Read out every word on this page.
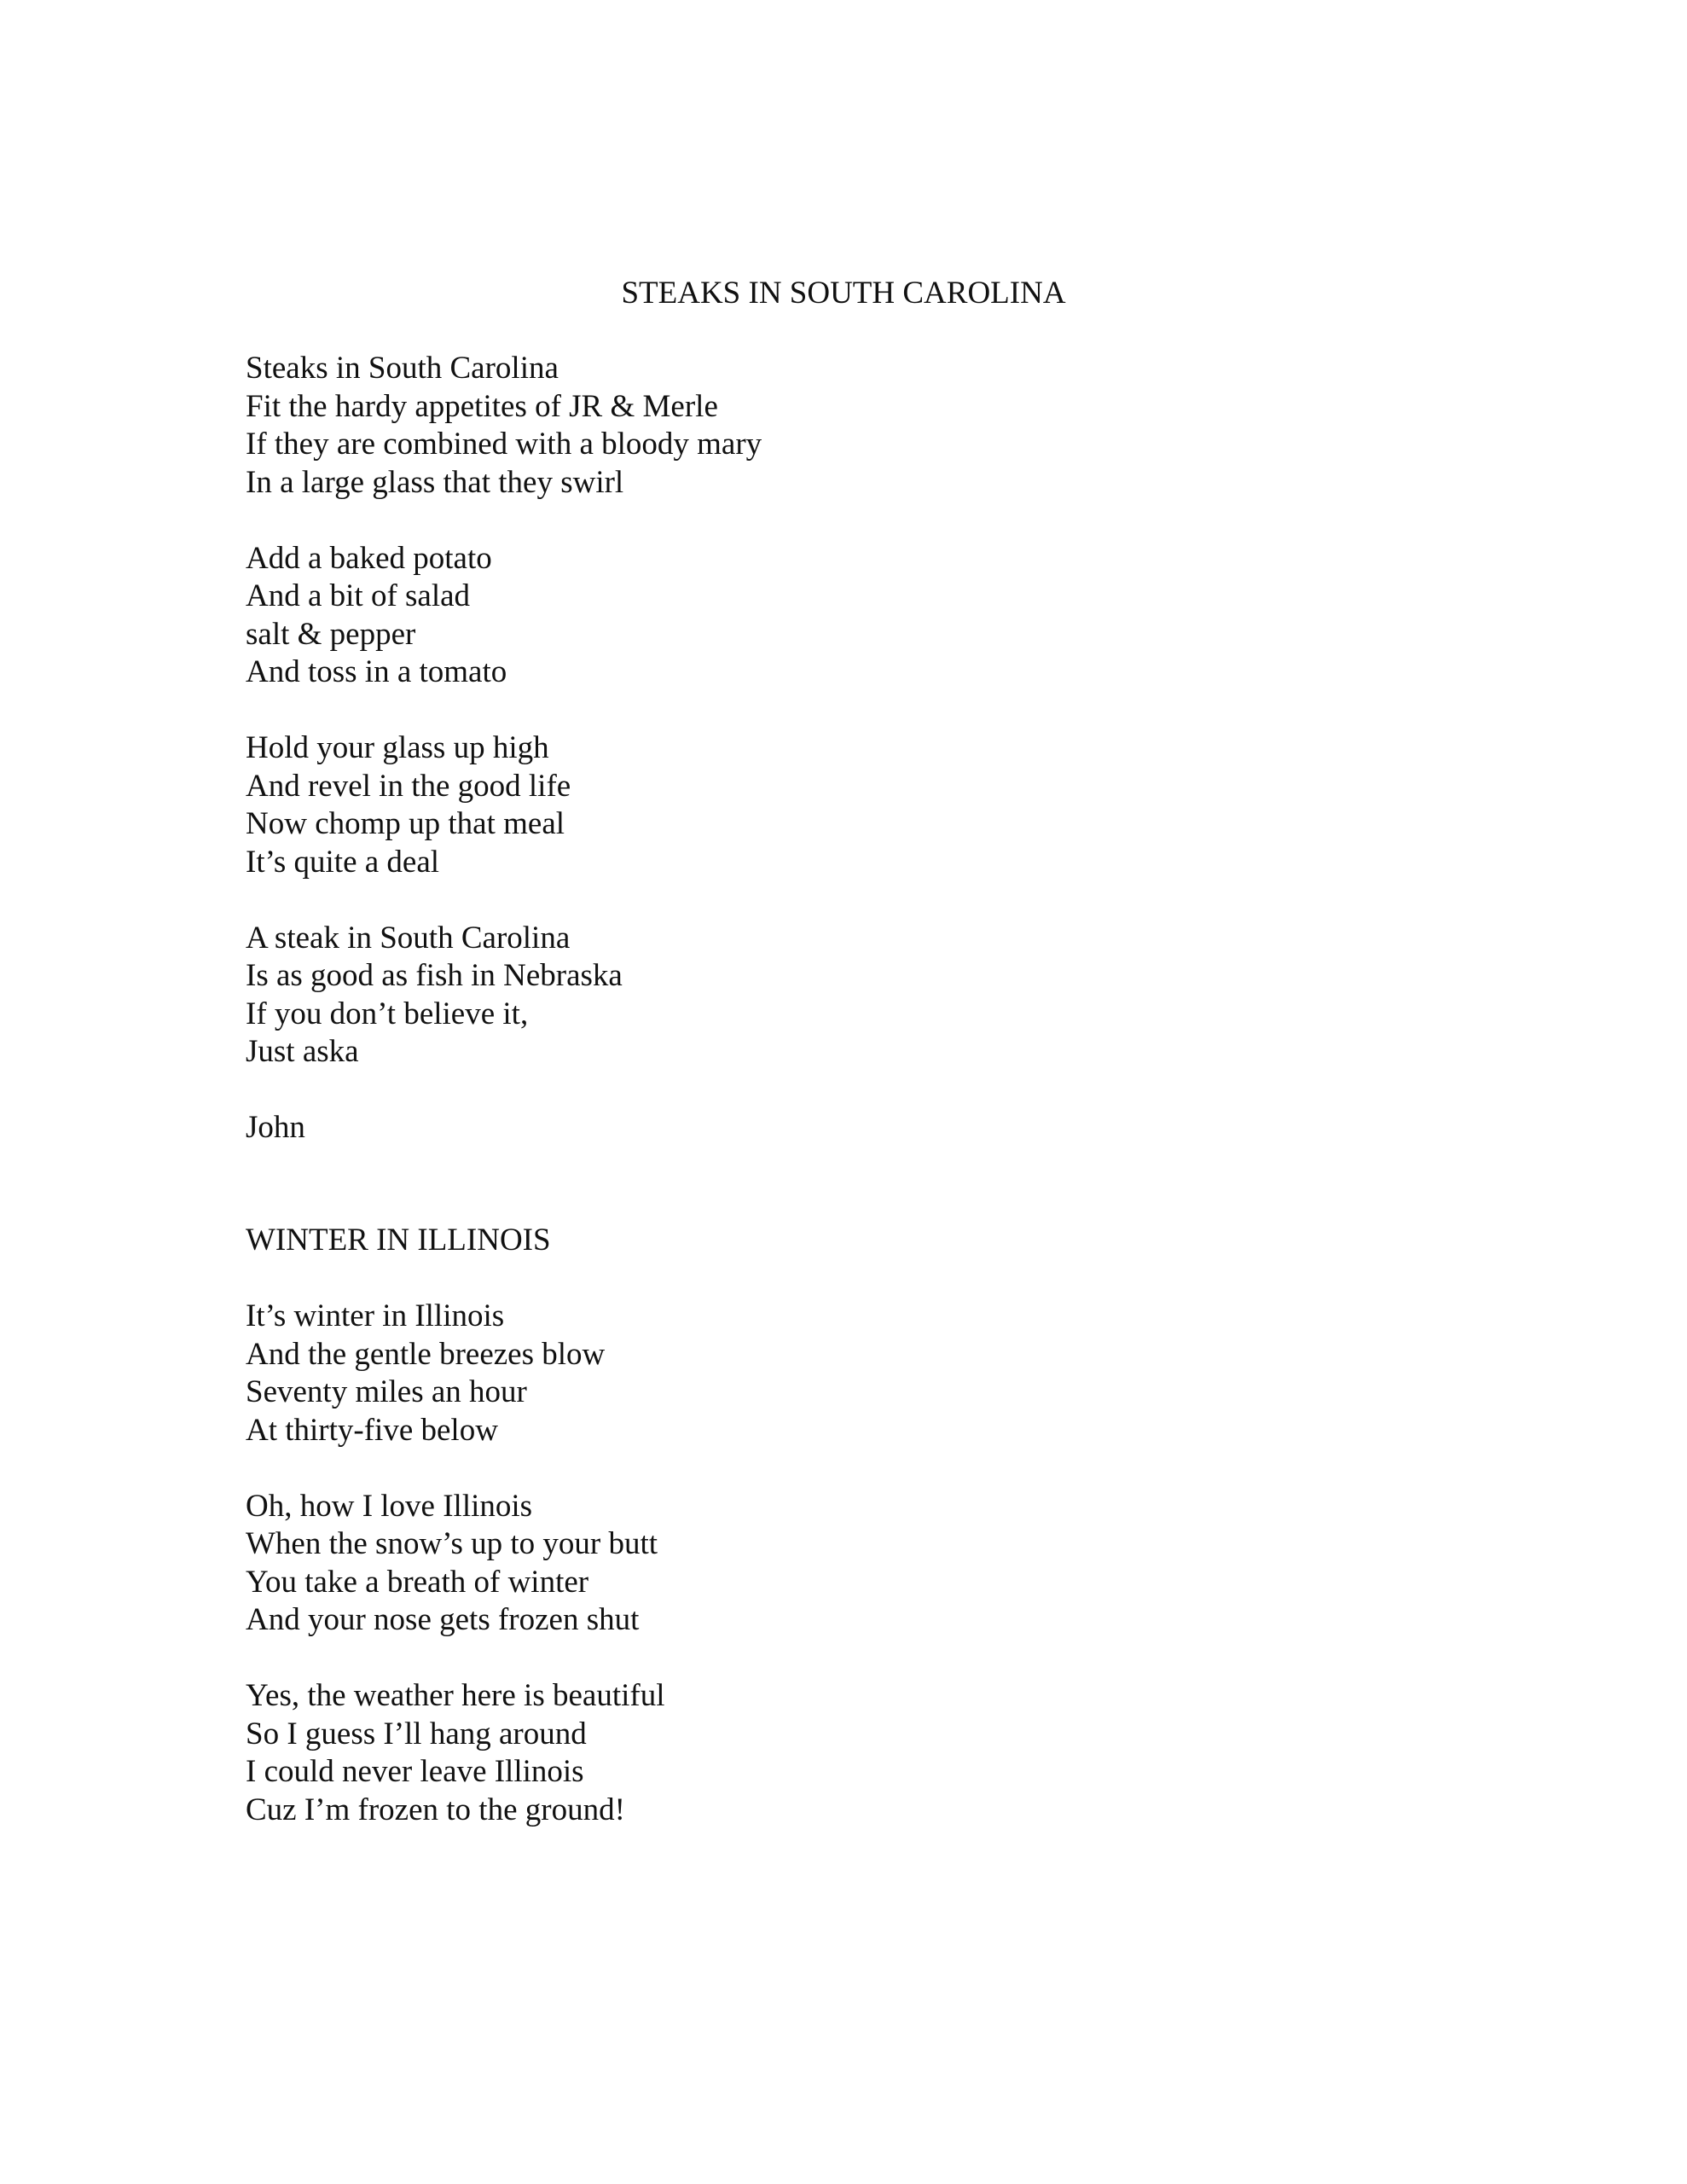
STEAKS IN SOUTH CAROLINA
Steaks in South Carolina
Fit the hardy appetites of JR & Merle
If they are combined with a bloody mary
In a large glass that they swirl
Add a baked potato
And a bit of salad
salt & pepper
And toss in a tomato
Hold your glass up high
And revel in the good life
Now chomp up that meal
It’s quite a deal
A steak in South Carolina
Is as good as fish in Nebraska
If you don’t believe it,
Just aska
John
WINTER IN ILLINOIS
It’s winter in Illinois
And the gentle breezes blow
Seventy miles an hour
At thirty-five below
Oh, how I love Illinois
When the snow’s up to your butt
You take a breath of winter
And your nose gets frozen shut
Yes, the weather here is beautiful
So I guess I’ll hang around
I could never leave Illinois
Cuz I’m frozen to the ground!
